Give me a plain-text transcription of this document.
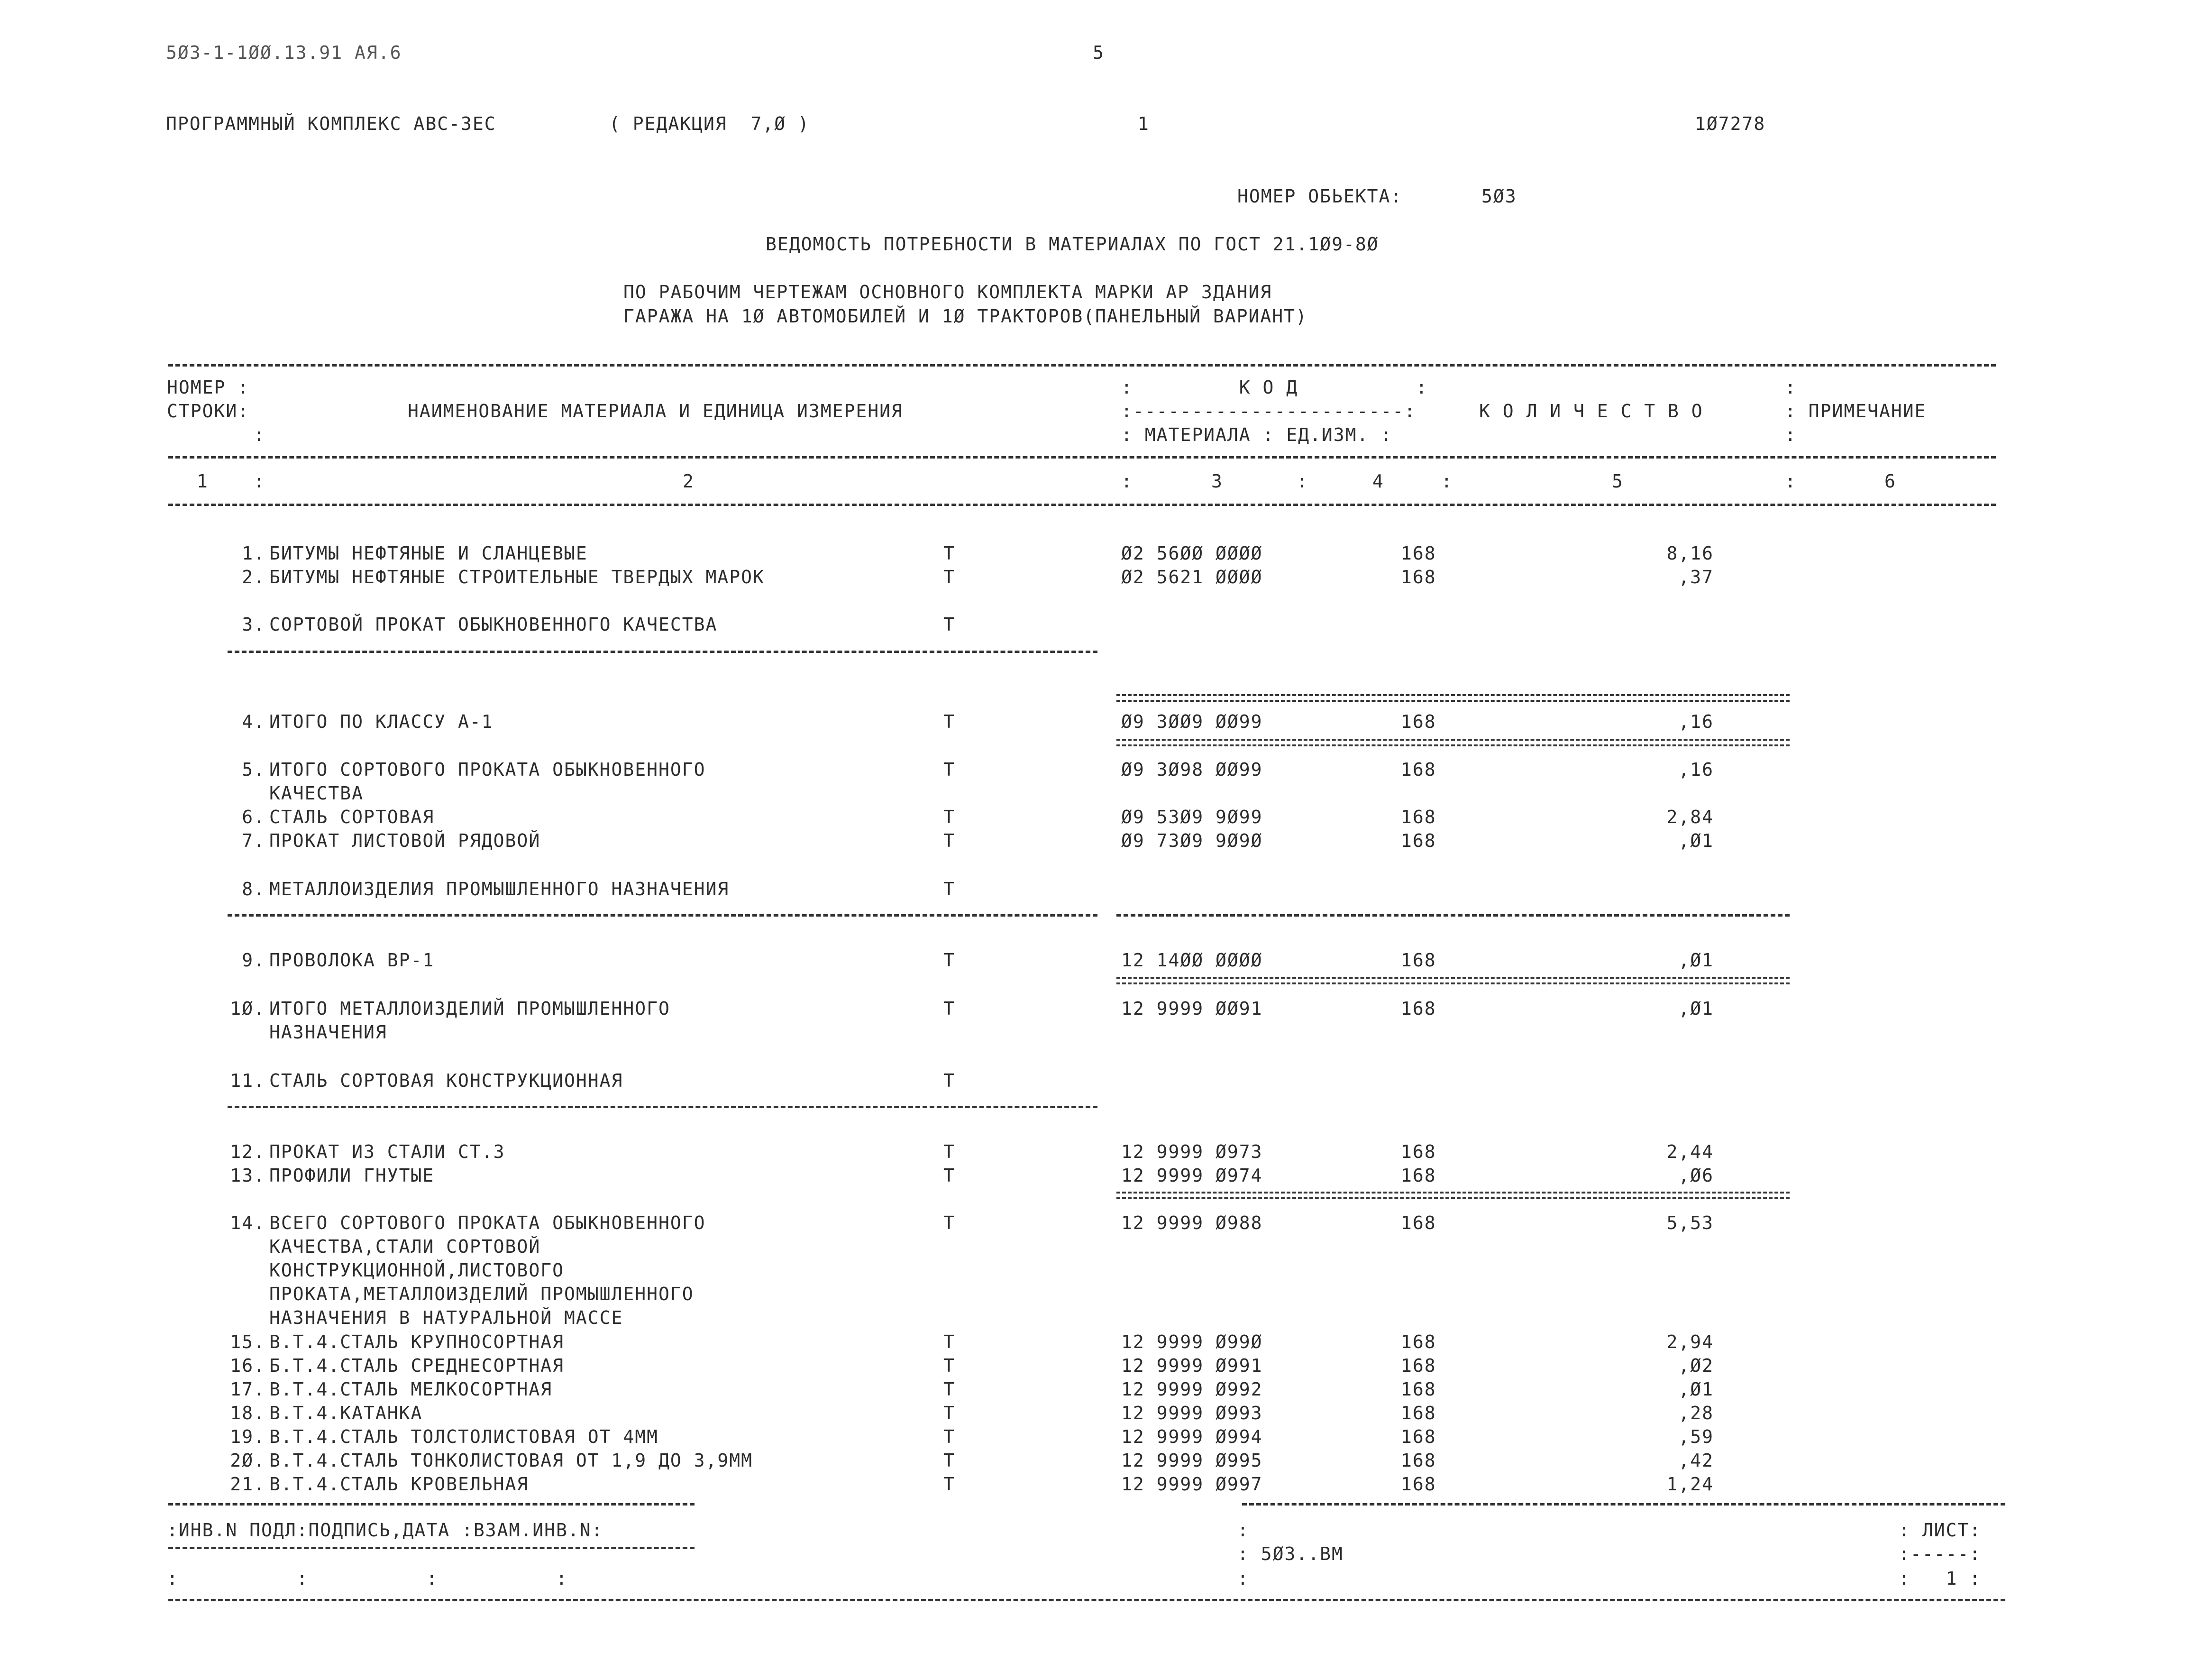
5Ø3-1-1ØØ.13.91 АЯ.6	5
ПРОГРАММНЫЙ КОМПЛЕКС АВС-3ЕС	( РЕДАКЦИЯ  7,Ø )	1	1Ø7278
НОМЕР ОБЬЕКТА:	5Ø3
ВЕДОМОСТЬ ПОТРЕБНОСТИ В МАТЕРИАЛАХ ПО ГОСТ 21.1Ø9-8Ø
ПО РАБОЧИМ ЧЕРТЕЖАМ ОСНОВНОГО КОМПЛЕКТА МАРКИ АР ЗДАНИЯ
ГАРАЖА НА 1Ø АВТОМОБИЛЕЙ И 1Ø ТРАКТОРОВ(ПАНЕЛЬНЫЙ ВАРИАНТ)
НОМЕР :
СТРОКИ:
:
НАИМЕНОВАНИЕ МАТЕРИАЛА И ЕДИНИЦА ИЗМЕРЕНИЯ
:         К О Д          :
:-----------------------:
: МАТЕРИАЛА : ЕД.ИЗМ. :
К О Л И Ч Е С Т В О
:
: ПРИМЕЧАНИЕ
:
1	:	2	:	3	:	4	:	5	:	6
1. БИТУМЫ НЕФТЯНЫЕ И СЛАНЦЕВЫЕ	Т	Ø2 56ØØ ØØØØ	168	8,16
2. БИТУМЫ НЕФТЯНЫЕ СТРОИТЕЛЬНЫЕ ТВЕРДЫХ МАРОК	Т	Ø2 5621 ØØØØ	168	,37
3. СОРТОВОЙ ПРОКАТ ОБЫКНОВЕННОГО КАЧЕСТВА	Т
4. ИТОГО ПО КЛАССУ А-1	Т	Ø9 3ØØ9 ØØ99	168	,16
5. ИТОГО СОРТОВОГО ПРОКАТА ОБЫКНОВЕННОГО
КАЧЕСТВА
Т	Ø9 3Ø98 ØØ99	168	,16
6. СТАЛЬ СОРТОВАЯ	Т	Ø9 53Ø9 9Ø99	168	2,84
7. ПРОКАТ ЛИСТОВОЙ РЯДОВОЙ	Т	Ø9 73Ø9 9Ø9Ø	168	,Ø1
8. МЕТАЛЛОИЗДЕЛИЯ ПРОМЫШЛЕННОГО НАЗНАЧЕНИЯ	Т
9. ПРОВОЛОКА ВР-1	Т	12 14ØØ ØØØØ	168	,Ø1
1Ø. ИТОГО МЕТАЛЛОИЗДЕЛИЙ ПРОМЫШЛЕННОГО
НАЗНАЧЕНИЯ
Т	12 9999 ØØ91	168	,Ø1
11. СТАЛЬ СОРТОВАЯ КОНСТРУКЦИОННАЯ	Т
12. ПРОКАТ ИЗ СТАЛИ СТ.3	Т	12 9999 Ø973	168	2,44
13. ПРОФИЛИ ГНУТЫЕ	Т	12 9999 Ø974	168	,Ø6
14. ВСЕГО СОРТОВОГО ПРОКАТА ОБЫКНОВЕННОГО
КАЧЕСТВА,СТАЛИ СОРТОВОЙ
КОНСТРУКЦИОННОЙ,ЛИСТОВОГО
ПРОКАТА,МЕТАЛЛОИЗДЕЛИЙ ПРОМЫШЛЕННОГО
НАЗНАЧЕНИЯ В НАТУРАЛЬНОЙ МАССЕ
Т	12 9999 Ø988	168	5,53
15. В.Т.4.СТАЛЬ КРУПНОСОРТНАЯ	Т	12 9999 Ø99Ø	168	2,94
16. Б.Т.4.СТАЛЬ СРЕДНЕСОРТНАЯ	Т	12 9999 Ø991	168	,Ø2
17. В.Т.4.СТАЛЬ МЕЛКОСОРТНАЯ	Т	12 9999 Ø992	168	,Ø1
18. В.Т.4.КАТАНКА	Т	12 9999 Ø993	168	,28
19. В.Т.4.СТАЛЬ ТОЛСТОЛИСТОВАЯ ОТ 4ММ	Т	12 9999 Ø994	168	,59
2Ø. В.Т.4.СТАЛЬ ТОНКОЛИСТОВАЯ ОТ 1,9 ДО 3,9ММ	Т	12 9999 Ø995	168	,42
21. В.Т.4.СТАЛЬ КРОВЕЛЬНАЯ	Т	12 9999 Ø997	168	1,24
:ИНВ.N ПОДЛ:ПОДПИСЬ,ДАТА :ВЗАМ.ИНВ.N:	:	: ЛИСТ:
: 5Ø3..ВМ	:-----:
:          :          :          :	:	:   1 :
